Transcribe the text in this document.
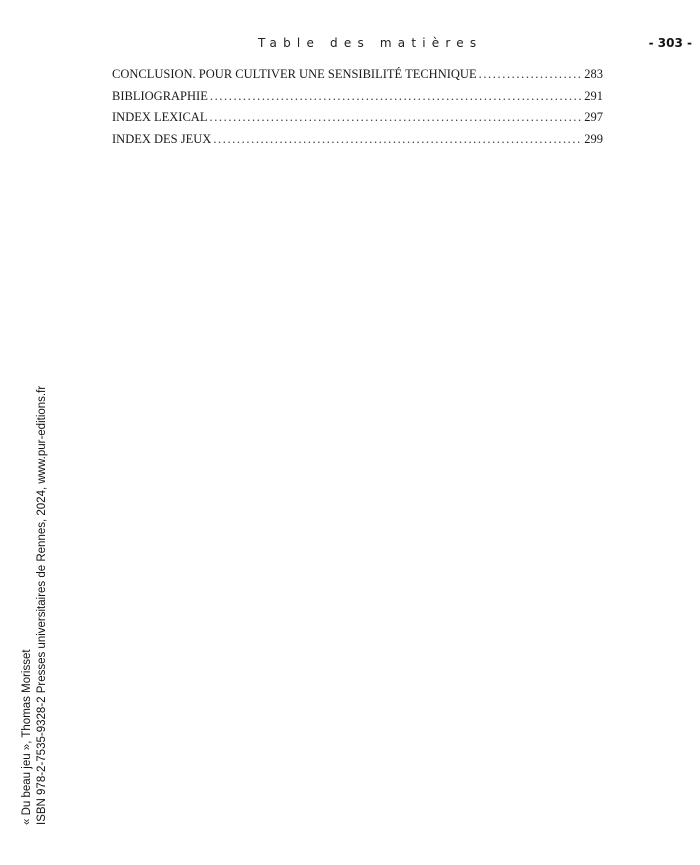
Table des matières	- 303 -
CONCLUSION. POUR CULTIVER UNE SENSIBILITÉ TECHNIQUE .....	283
BIBLIOGRAPHIE .....	291
INDEX LEXICAL .....	297
INDEX DES JEUX .....	299
« Du beau jeu », Thomas Morisset ISBN 978-2-7535-9328-2 Presses universitaires de Rennes, 2024, www.pur-editions.fr
